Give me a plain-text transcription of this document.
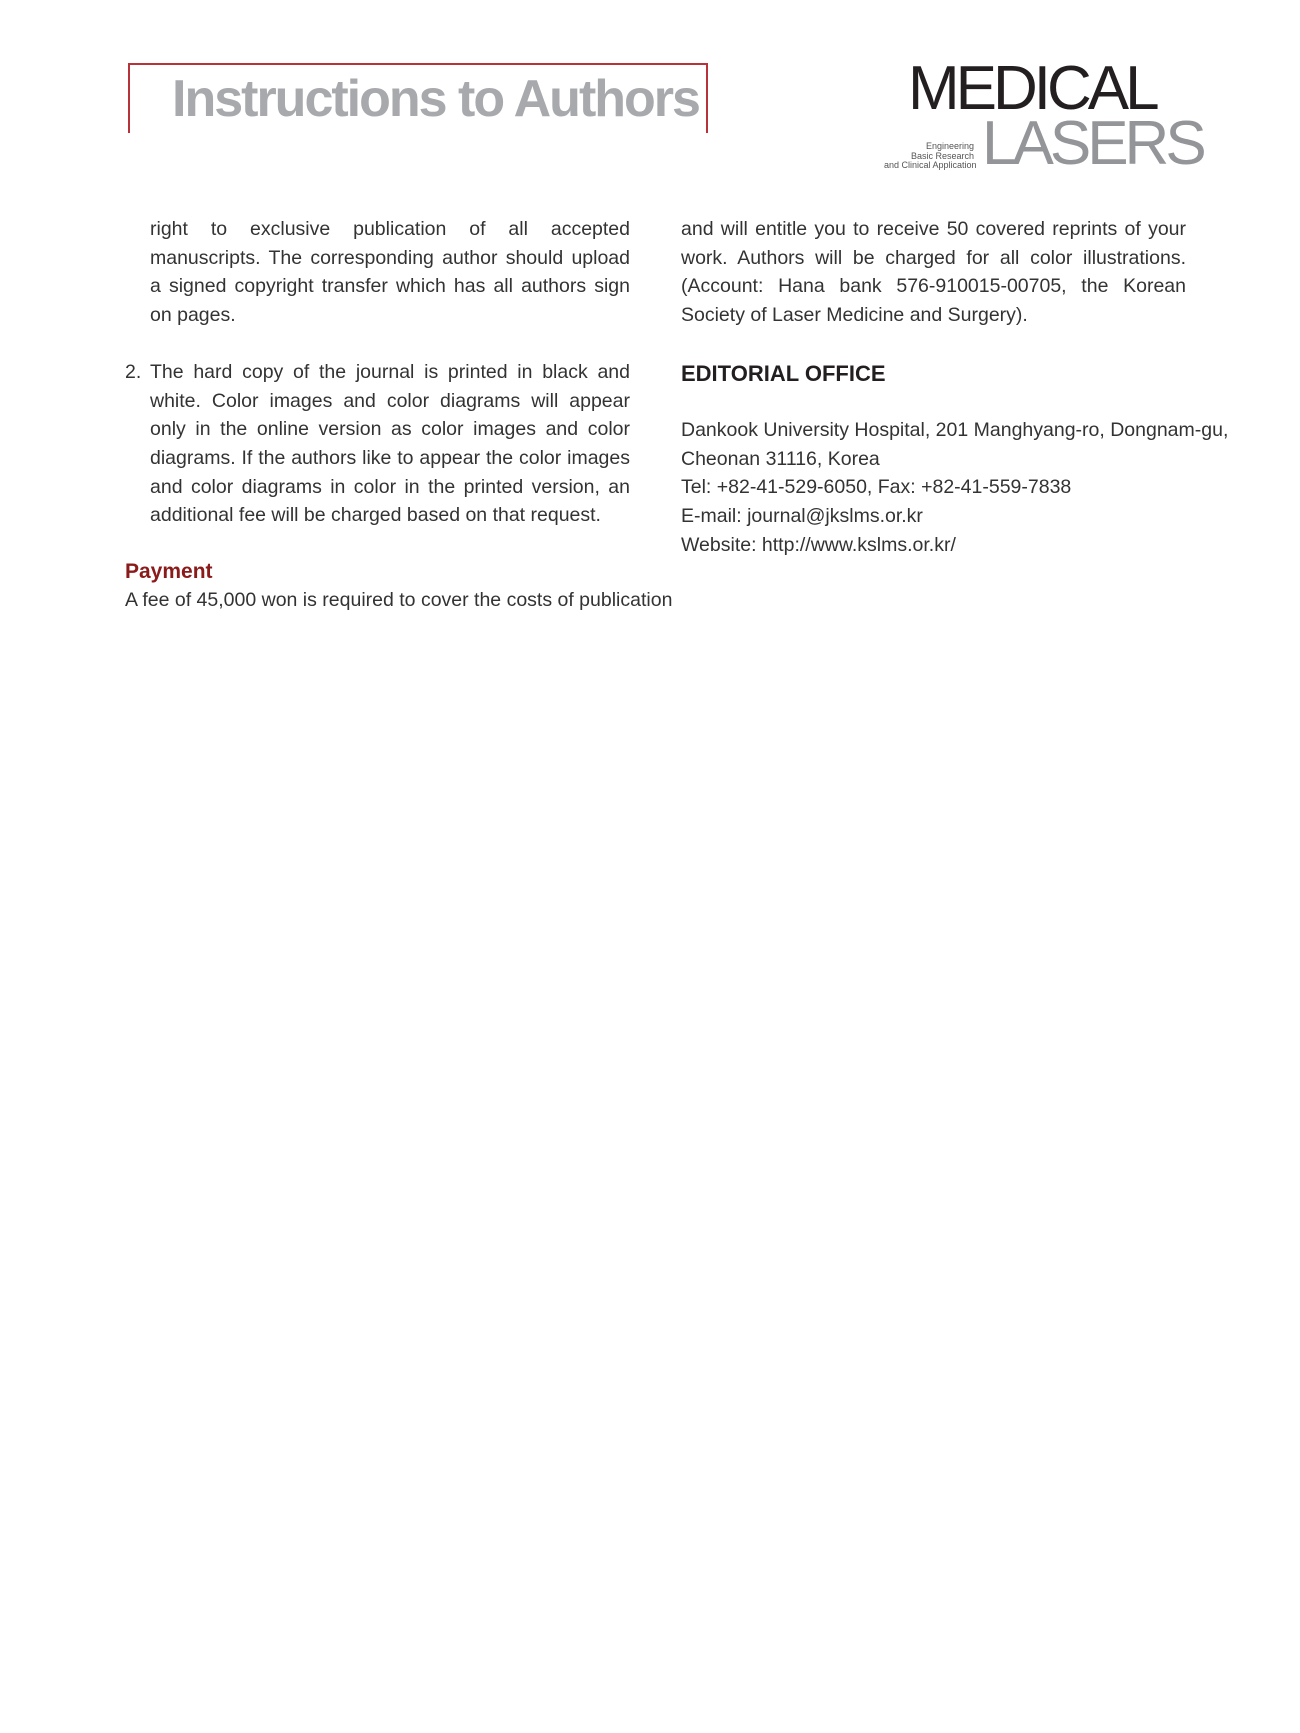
Instructions to Authors	MEDICAL
LASERS
Engineering
Basic Research
and Clinical Application

right to exclusive publication of all accepted manuscripts. The corresponding author should upload a signed copyright transfer which has all authors sign on pages.

2. The hard copy of the journal is printed in black and white. Color images and color diagrams will appear only in the online version as color images and color diagrams. If the authors like to appear the color images and color diagrams in color in the printed version, an additional fee will be charged based on that request.

Payment

A fee of 45,000 won is required to cover the costs of publication

and will entitle you to receive 50 covered reprints of your work. Authors will be charged for all color illustrations. (Account: Hana bank 576-910015-00705, the Korean Society of Laser Medicine and Surgery).

EDITORIAL OFFICE
Dankook University Hospital, 201 Manghyang-ro, Dongnam-gu,
Cheonan 31116, Korea
Tel: +82-41-529-6050, Fax: +82-41-559-7838
E-mail: journal@jkslms.or.kr
Website: http://www.kslms.or.kr/
